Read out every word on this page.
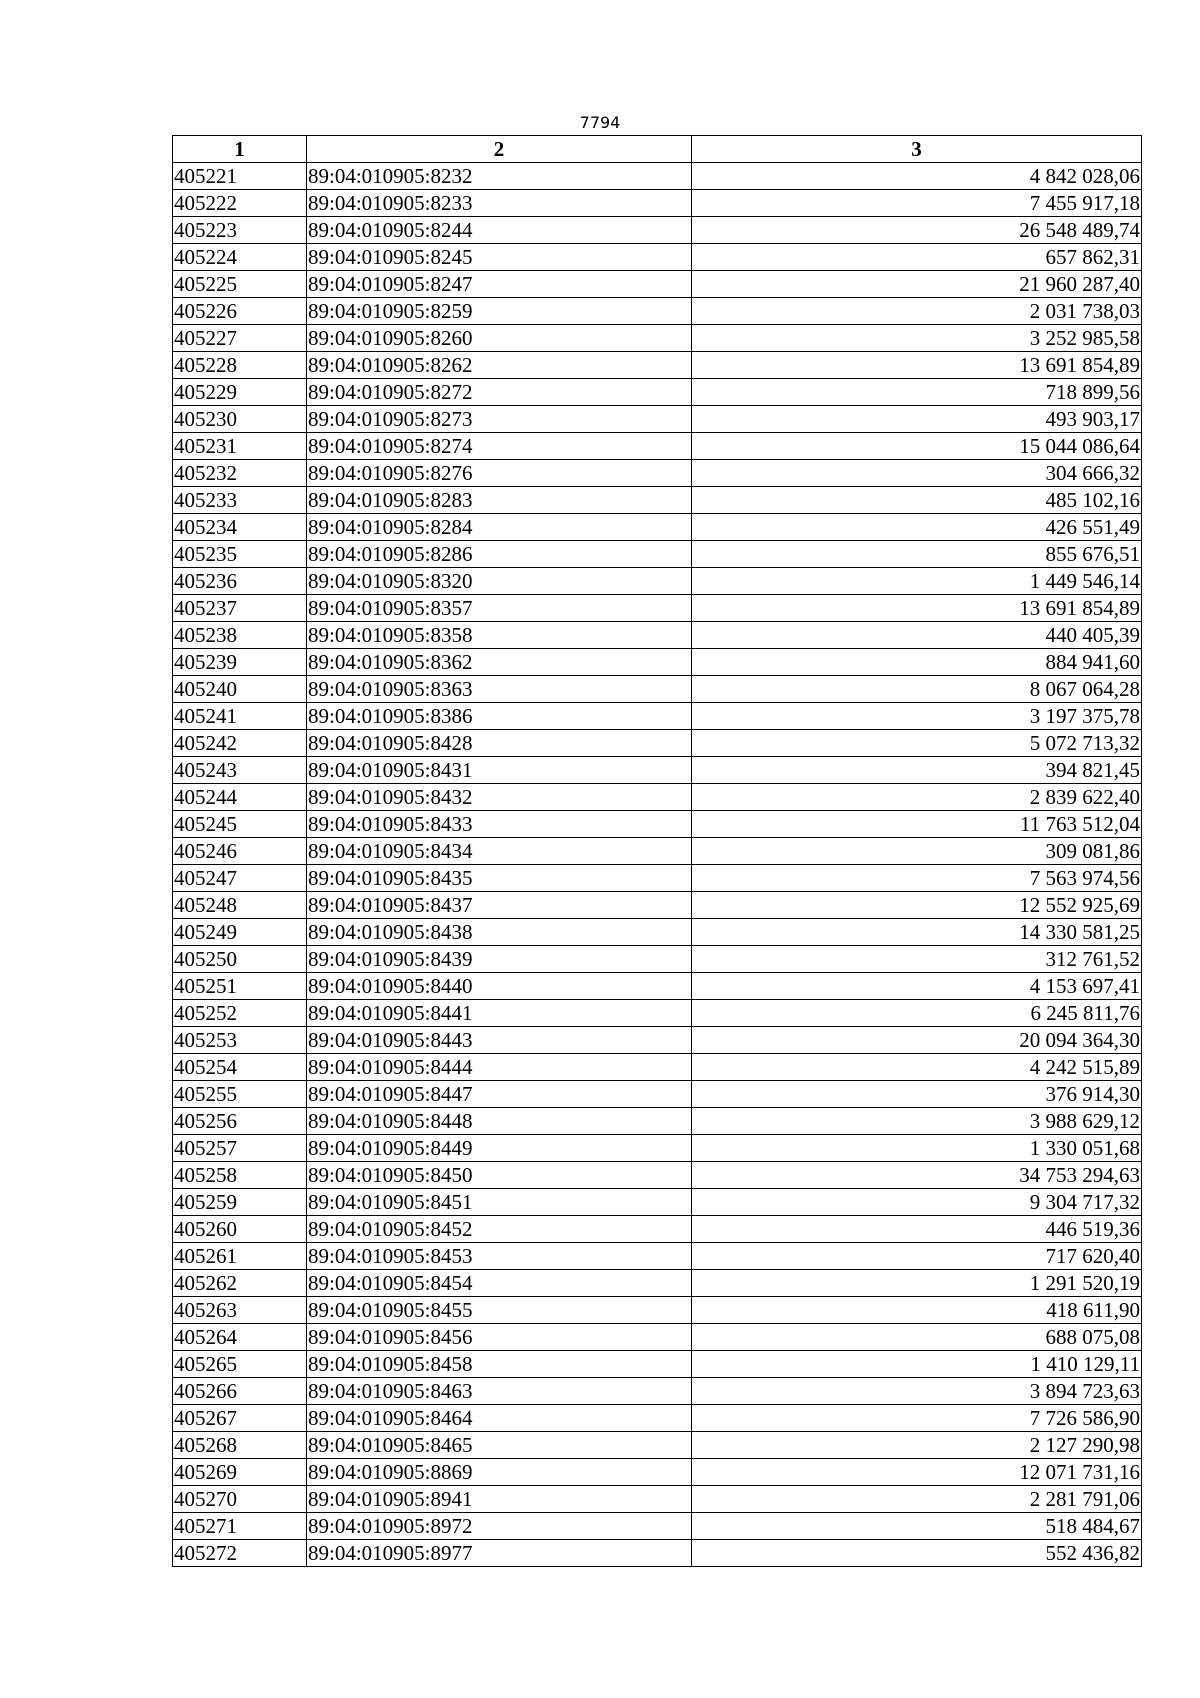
7794
1	2	3
405221	89:04:010905:8232	4 842 028,06
405222	89:04:010905:8233	7 455 917,18
405223	89:04:010905:8244	26 548 489,74
405224	89:04:010905:8245	657 862,31
405225	89:04:010905:8247	21 960 287,40
405226	89:04:010905:8259	2 031 738,03
405227	89:04:010905:8260	3 252 985,58
405228	89:04:010905:8262	13 691 854,89
405229	89:04:010905:8272	718 899,56
405230	89:04:010905:8273	493 903,17
405231	89:04:010905:8274	15 044 086,64
405232	89:04:010905:8276	304 666,32
405233	89:04:010905:8283	485 102,16
405234	89:04:010905:8284	426 551,49
405235	89:04:010905:8286	855 676,51
405236	89:04:010905:8320	1 449 546,14
405237	89:04:010905:8357	13 691 854,89
405238	89:04:010905:8358	440 405,39
405239	89:04:010905:8362	884 941,60
405240	89:04:010905:8363	8 067 064,28
405241	89:04:010905:8386	3 197 375,78
405242	89:04:010905:8428	5 072 713,32
405243	89:04:010905:8431	394 821,45
405244	89:04:010905:8432	2 839 622,40
405245	89:04:010905:8433	11 763 512,04
405246	89:04:010905:8434	309 081,86
405247	89:04:010905:8435	7 563 974,56
405248	89:04:010905:8437	12 552 925,69
405249	89:04:010905:8438	14 330 581,25
405250	89:04:010905:8439	312 761,52
405251	89:04:010905:8440	4 153 697,41
405252	89:04:010905:8441	6 245 811,76
405253	89:04:010905:8443	20 094 364,30
405254	89:04:010905:8444	4 242 515,89
405255	89:04:010905:8447	376 914,30
405256	89:04:010905:8448	3 988 629,12
405257	89:04:010905:8449	1 330 051,68
405258	89:04:010905:8450	34 753 294,63
405259	89:04:010905:8451	9 304 717,32
405260	89:04:010905:8452	446 519,36
405261	89:04:010905:8453	717 620,40
405262	89:04:010905:8454	1 291 520,19
405263	89:04:010905:8455	418 611,90
405264	89:04:010905:8456	688 075,08
405265	89:04:010905:8458	1 410 129,11
405266	89:04:010905:8463	3 894 723,63
405267	89:04:010905:8464	7 726 586,90
405268	89:04:010905:8465	2 127 290,98
405269	89:04:010905:8869	12 071 731,16
405270	89:04:010905:8941	2 281 791,06
405271	89:04:010905:8972	518 484,67
405272	89:04:010905:8977	552 436,82
